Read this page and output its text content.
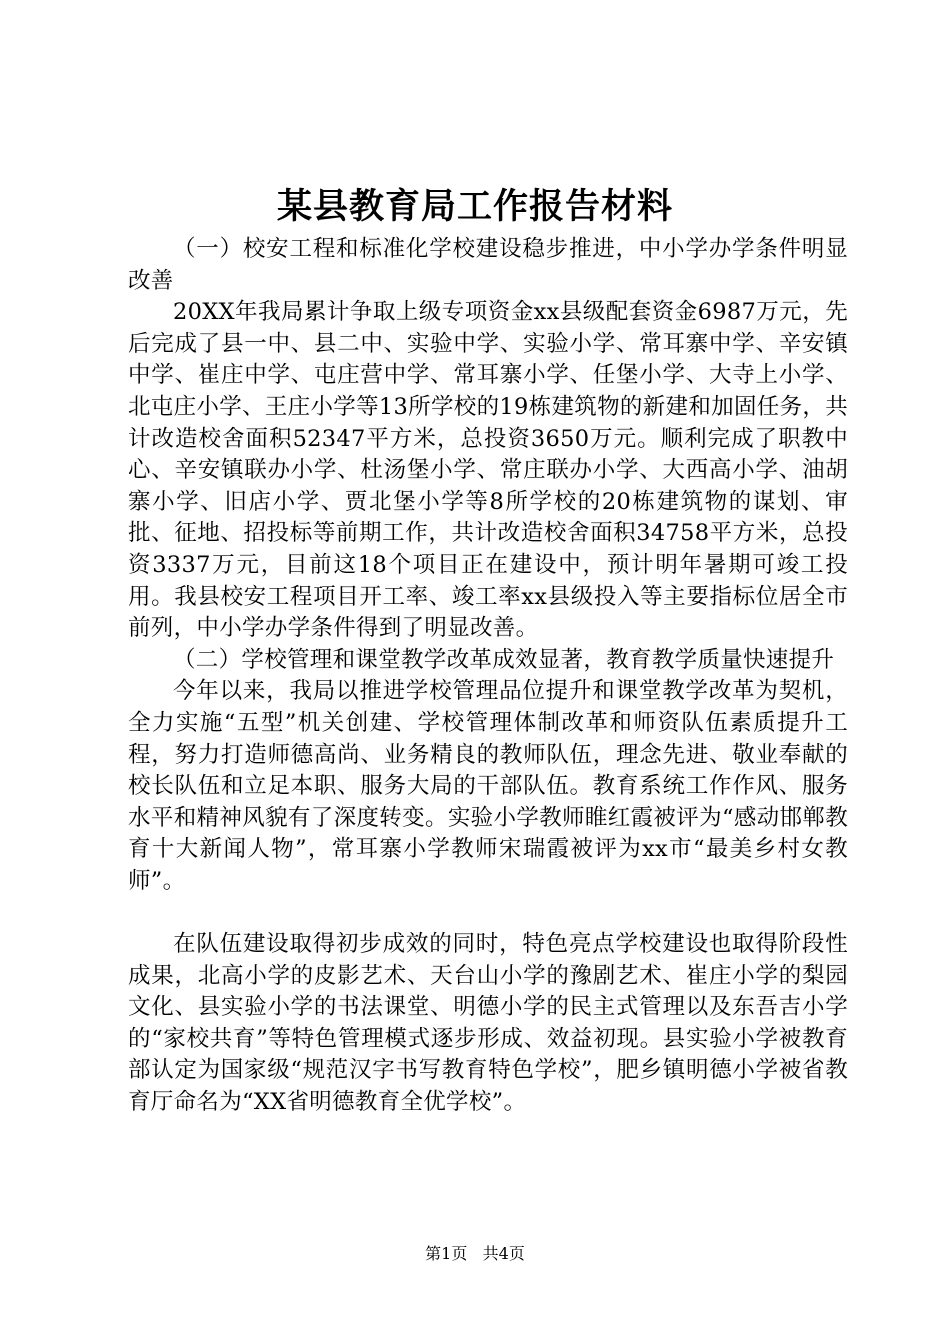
某县教育局工作报告材料

（一）校安工程和标准化学校建设稳步推进，中小学办学条件明显改善

20XX年我局累计争取上级专项资金xx县级配套资金6987万元，先后完成了县一中、县二中、实验中学、实验小学、常耳寨中学、辛安镇中学、崔庄中学、屯庄营中学、常耳寨小学、任堡小学、大寺上小学、北屯庄小学、王庄小学等13所学校的19栋建筑物的新建和加固任务，共计改造校舍面积52347平方米，总投资3650万元。顺利完成了职教中心、辛安镇联办小学、杜汤堡小学、常庄联办小学、大西高小学、油胡寨小学、旧店小学、贾北堡小学等8所学校的20栋建筑物的谋划、审批、征地、招投标等前期工作，共计改造校舍面积34758平方米，总投资3337万元，目前这18个项目正在建设中，预计明年暑期可竣工投用。我县校安工程项目开工率、竣工率xx县级投入等主要指标位居全市前列，中小学办学条件得到了明显改善。

（二）学校管理和课堂教学改革成效显著，教育教学质量快速提升

今年以来，我局以推进学校管理品位提升和课堂教学改革为契机，全力实施“五型”机关创建、学校管理体制改革和师资队伍素质提升工程，努力打造师德高尚、业务精良的教师队伍，理念先进、敬业奉献的校长队伍和立足本职、服务大局的干部队伍。教育系统工作作风、服务水平和精神风貌有了深度转变。实验小学教师睢红霞被评为“感动邯郸教育十大新闻人物”，常耳寨小学教师宋瑞霞被评为xx市“最美乡村女教师”。

在队伍建设取得初步成效的同时，特色亮点学校建设也取得阶段性成果，北高小学的皮影艺术、天台山小学的豫剧艺术、崔庄小学的梨园文化、县实验小学的书法课堂、明德小学的民主式管理以及东吾吉小学的“家校共育”等特色管理模式逐步形成、效益初现。县实验小学被教育部认定为国家级“规范汉字书写教育特色学校”，肥乡镇明德小学被省教育厅命名为“XX省明德教育全优学校”。

第1页 共4页
